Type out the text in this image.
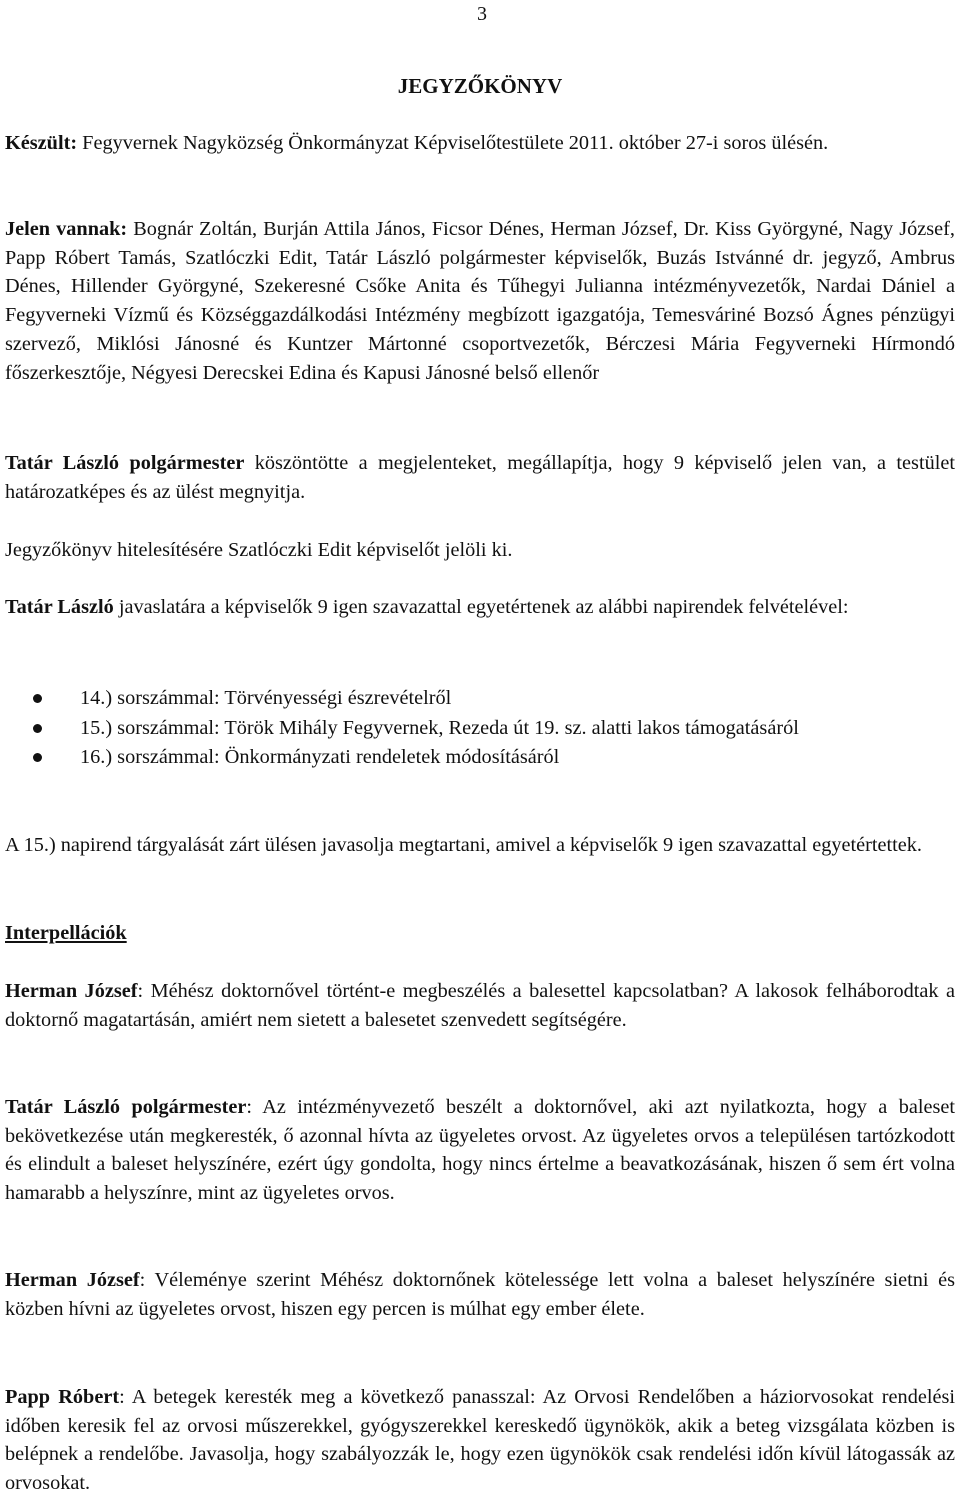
3
JEGYZŐKÖNYV

Készült: Fegyvernek Nagyközség Önkormányzat Képviselőtestülete 2011. október 27-i soros ülésén.

Jelen vannak: Bognár Zoltán, Burján Attila János, Ficsor Dénes, Herman József, Dr. Kiss Györgyné, Nagy József, Papp Róbert Tamás, Szatlóczki Edit, Tatár László polgármester képviselők, Buzás Istvánné dr. jegyző, Ambrus Dénes, Hillender Györgyné, Szekeresné Csőke Anita és Tűhegyi Julianna intézményvezetők, Nardai Dániel a Fegyverneki Vízmű és Községgazdálkodási Intézmény megbízott igazgatója, Temesváriné Bozsó Ágnes pénzügyi szervező, Miklósi Jánosné és Kuntzer Mártonné csoportvezetők, Bérczesi Mária Fegyverneki Hírmondó főszerkesztője, Négyesi Derecskei Edina és Kapusi Jánosné belső ellenőr

Tatár László polgármester köszöntötte a megjelenteket, megállapítja, hogy 9 képviselő jelen van, a testület határozatképes és az ülést megnyitja.

Jegyzőkönyv hitelesítésére Szatlóczki Edit képviselőt jelöli ki.

Tatár László javaslatára a képviselők 9 igen szavazattal egyetértenek az alábbi napirendek felvételével:

14.) sorszámmal: Törvényességi észrevételről
15.) sorszámmal: Török Mihály Fegyvernek, Rezeda út 19. sz. alatti lakos támogatásáról
16.) sorszámmal: Önkormányzati rendeletek módosításáról

A 15.) napirend tárgyalását zárt ülésen javasolja megtartani, amivel a képviselők 9 igen szavazattal egyetértettek.

Interpellációk

Herman József: Méhész doktornővel történt-e megbeszélés a balesettel kapcsolatban? A lakosok felháborodtak a doktornő magatartásán, amiért nem sietett a balesetet szenvedett segítségére.

Tatár László polgármester: Az intézményvezető beszélt a doktornővel, aki azt nyilatkozta, hogy a baleset bekövetkezése után megkeresték, ő azonnal hívta az ügyeletes orvost. Az ügyeletes orvos a településen tartózkodott és elindult a baleset helyszínére, ezért úgy gondolta, hogy nincs értelme a beavatkozásának, hiszen ő sem ért volna hamarabb a helyszínre, mint az ügyeletes orvos.

Herman József: Véleménye szerint Méhész doktornőnek kötelessége lett volna a baleset helyszínére sietni és közben hívni az ügyeletes orvost, hiszen egy percen is múlhat egy ember élete.

Papp Róbert: A betegek keresték meg a következő panasszal: Az Orvosi Rendelőben a háziorvosokat rendelési időben keresik fel az orvosi műszerekkel, gyógyszerekkel kereskedő ügynökök, akik a beteg vizsgálata közben is belépnek a rendelőbe. Javasolja, hogy szabályozzák le, hogy ezen ügynökök csak rendelési időn kívül látogassák az orvosokat.
